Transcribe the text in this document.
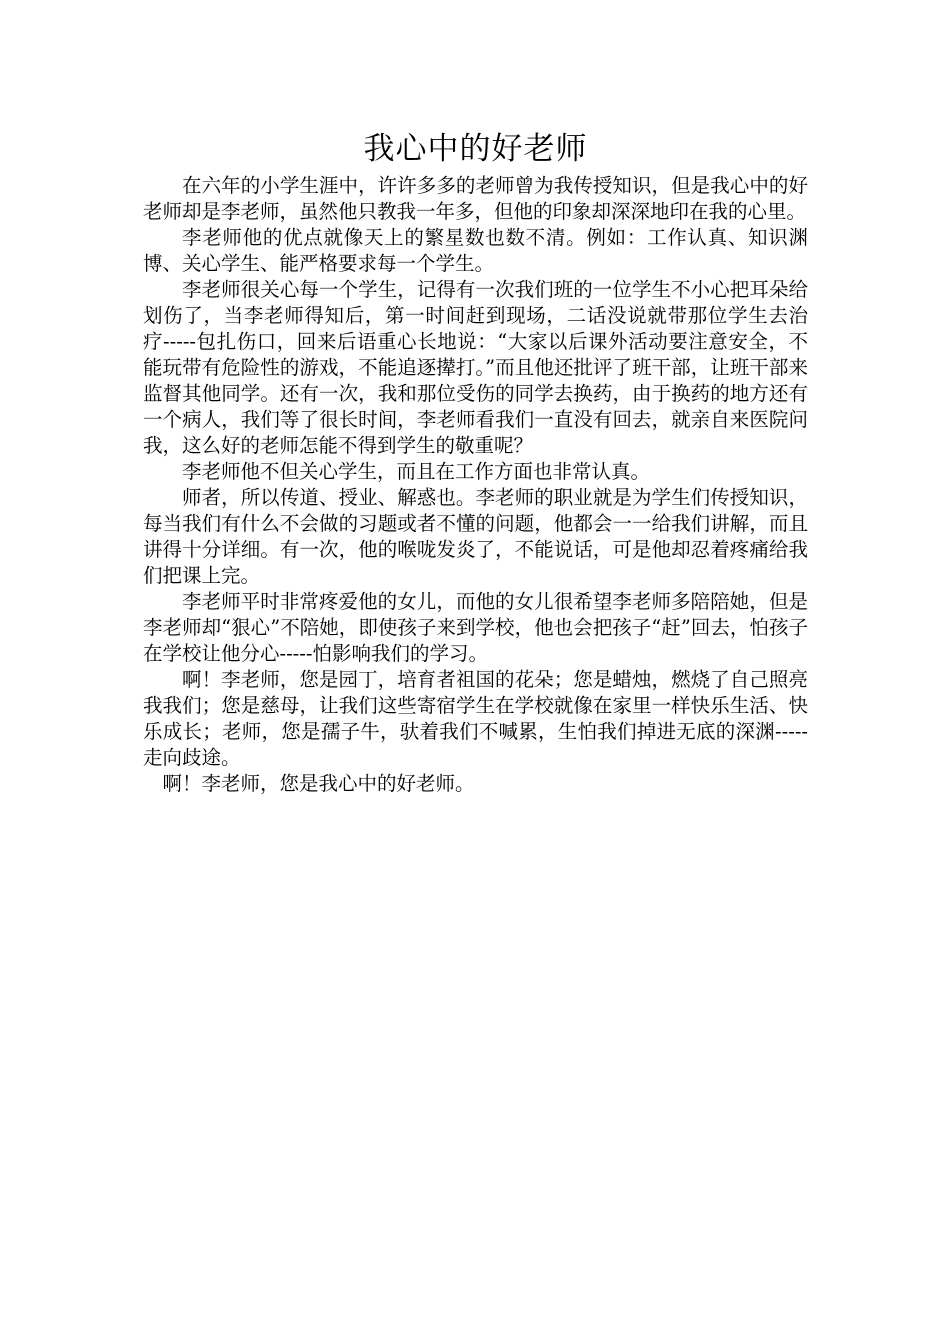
我心中的好老师

在六年的小学生涯中，许许多多的老师曾为我传授知识，但是我心中的好老师却是李老师，虽然他只教我一年多，但他的印象却深深地印在我的心里。

李老师他的优点就像天上的繁星数也数不清。例如：工作认真、知识渊博、关心学生、能严格要求每一个学生。

李老师很关心每一个学生，记得有一次我们班的一位学生不小心把耳朵给划伤了，当李老师得知后，第一时间赶到现场，二话没说就带那位学生去治疗-----包扎伤口，回来后语重心长地说：“大家以后课外活动要注意安全，不能玩带有危险性的游戏，不能追逐撵打。”而且他还批评了班干部，让班干部来监督其他同学。还有一次，我和那位受伤的同学去换药，由于换药的地方还有一个病人，我们等了很长时间，李老师看我们一直没有回去，就亲自来医院问我，这么好的老师怎能不得到学生的敬重呢？

李老师他不但关心学生，而且在工作方面也非常认真。

师者，所以传道、授业、解惑也。李老师的职业就是为学生们传授知识，每当我们有什么不会做的习题或者不懂的问题，他都会一一给我们讲解，而且讲得十分详细。有一次，他的喉咙发炎了，不能说话，可是他却忍着疼痛给我们把课上完。

李老师平时非常疼爱他的女儿，而他的女儿很希望李老师多陪陪她，但是李老师却“狠心”不陪她，即使孩子来到学校，他也会把孩子“赶”回去，怕孩子在学校让他分心-----怕影响我们的学习。

啊！李老师，您是园丁，培育者祖国的花朵；您是蜡烛，燃烧了自己照亮我我们；您是慈母，让我们这些寄宿学生在学校就像在家里一样快乐生活、快乐成长；老师，您是孺子牛，驮着我们不喊累，生怕我们掉进无底的深渊-----走向歧途。

啊！李老师，您是我心中的好老师。
